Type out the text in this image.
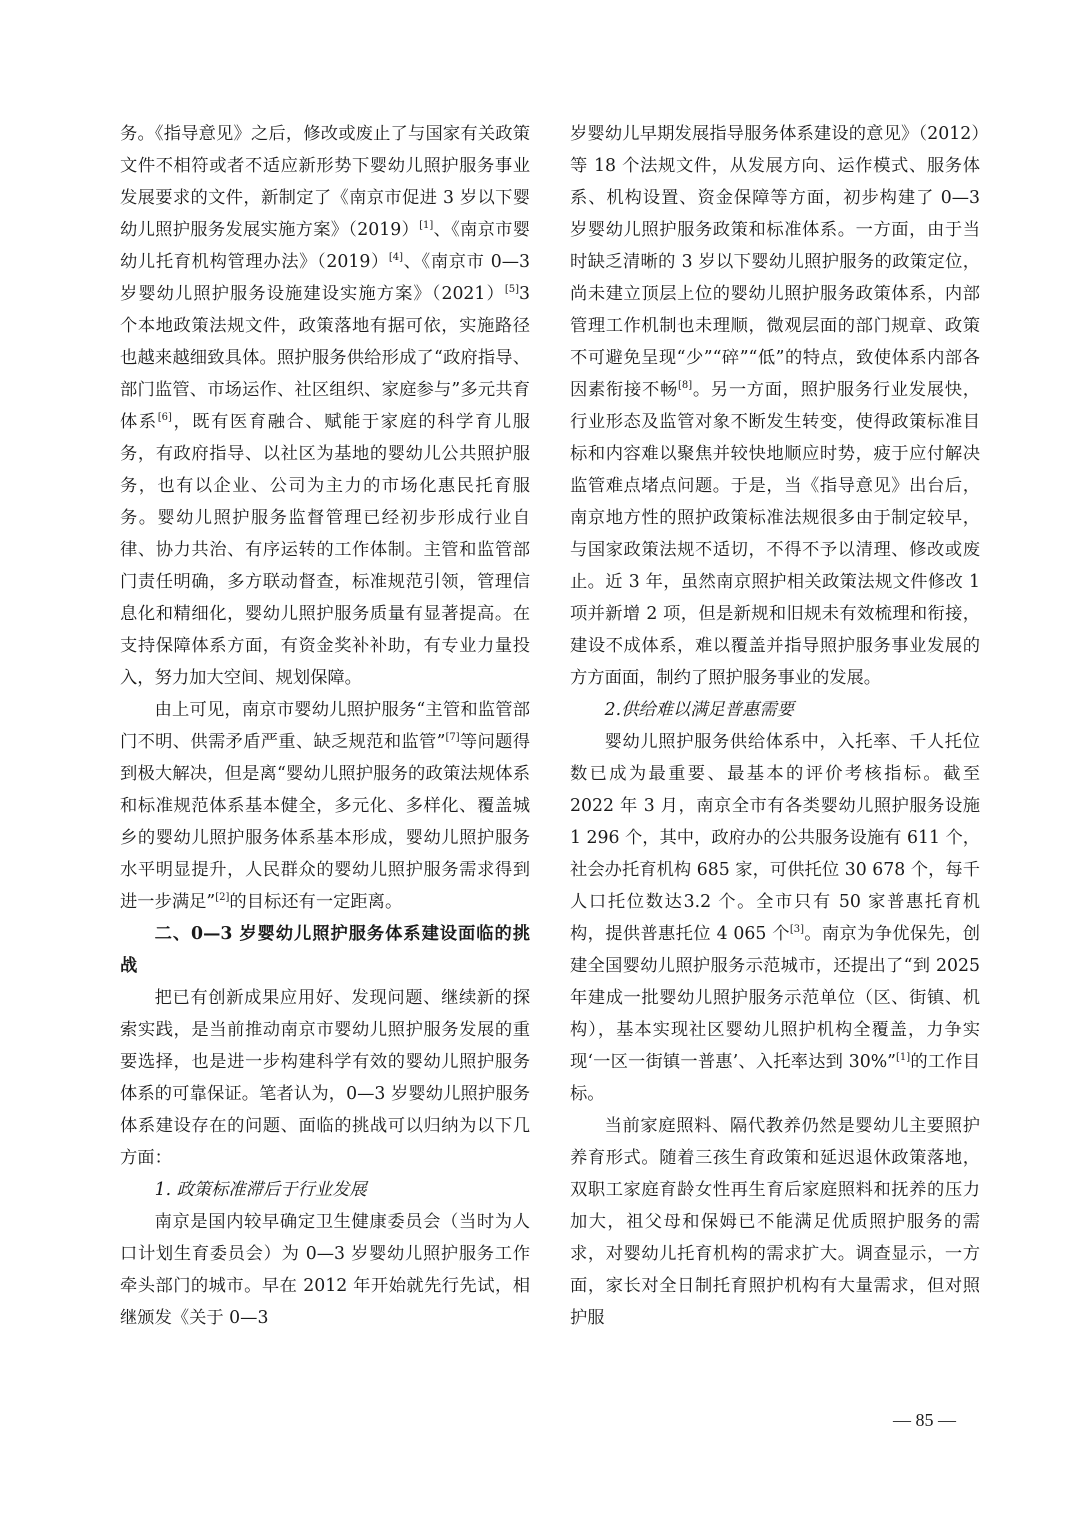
务。《指导意见》之后，修改或废止了与国家有关政策文件不相符或者不适应新形势下婴幼儿照护服务事业发展要求的文件，新制定了《南京市促进 3 岁以下婴幼儿照护服务发展实施方案》（2019）[1]、《南京市婴幼儿托育机构管理办法》（2019）[4]、《南京市 0—3 岁婴幼儿照护服务设施建设实施方案》（2021）[5]3 个本地政策法规文件，政策落地有据可依，实施路径也越来越细致具体。照护服务供给形成了“政府指导、部门监管、市场运作、社区组织、家庭参与”多元共育体系[6]，既有医育融合、赋能于家庭的科学育儿服务，有政府指导、以社区为基地的婴幼儿公共照护服务，也有以企业、公司为主力的市场化惠民托育服务。婴幼儿照护服务监督管理已经初步形成行业自律、协力共治、有序运转的工作体制。主管和监管部门责任明确，多方联动督查，标准规范引领，管理信息化和精细化，婴幼儿照护服务质量有显著提高。在支持保障体系方面，有资金奖补补助，有专业力量投入，努力加大空间、规划保障。

由上可见，南京市婴幼儿照护服务“主管和监管部门不明、供需矛盾严重、缺乏规范和监管”[7]等问题得到极大解决，但是离“婴幼儿照护服务的政策法规体系和标准规范体系基本健全，多元化、多样化、覆盖城乡的婴幼儿照护服务体系基本形成，婴幼儿照护服务水平明显提升，人民群众的婴幼儿照护服务需求得到进一步满足”[2]的目标还有一定距离。

二、0—3 岁婴幼儿照护服务体系建设面临的挑战

把已有创新成果应用好、发现问题、继续新的探索实践，是当前推动南京市婴幼儿照护服务发展的重要选择，也是进一步构建科学有效的婴幼儿照护服务体系的可靠保证。笔者认为，0—3 岁婴幼儿照护服务体系建设存在的问题、面临的挑战可以归纳为以下几方面：

1. 政策标准滞后于行业发展

南京是国内较早确定卫生健康委员会（当时为人口计划生育委员会）为 0—3 岁婴幼儿照护服务工作牵头部门的城市。早在 2012 年开始就先行先试，相继颁发《关于 0—3

岁婴幼儿早期发展指导服务体系建设的意见》（2012）等 18 个法规文件，从发展方向、运作模式、服务体系、机构设置、资金保障等方面，初步构建了 0—3 岁婴幼儿照护服务政策和标准体系。一方面，由于当时缺乏清晰的 3 岁以下婴幼儿照护服务的政策定位，尚未建立顶层上位的婴幼儿照护服务政策体系，内部管理工作机制也未理顺，微观层面的部门规章、政策不可避免呈现“少”“碎”“低”的特点，致使体系内部各因素衔接不畅[8]。另一方面，照护服务行业发展快，行业形态及监管对象不断发生转变，使得政策标准目标和内容难以聚焦并较快地顺应时势，疲于应付解决监管难点堵点问题。于是，当《指导意见》出台后，南京地方性的照护政策标准法规很多由于制定较早，与国家政策法规不适切，不得不予以清理、修改或废止。近 3 年，虽然南京照护相关政策法规文件修改 1 项并新增 2 项，但是新规和旧规未有效梳理和衔接，建设不成体系，难以覆盖并指导照护服务事业发展的方方面面，制约了照护服务事业的发展。

2.供给难以满足普惠需要

婴幼儿照护服务供给体系中，入托率、千人托位数已成为最重要、最基本的评价考核指标。截至 2022 年 3 月，南京全市有各类婴幼儿照护服务设施 1 296 个，其中，政府办的公共服务设施有 611 个，社会办托育机构 685 家，可供托位 30 678 个，每千人口托位数达3.2 个。全市只有 50 家普惠托育机构，提供普惠托位 4 065 个[3]。南京为争优保先，创建全国婴幼儿照护服务示范城市，还提出了“到 2025 年建成一批婴幼儿照护服务示范单位（区、街镇、机构），基本实现社区婴幼儿照护机构全覆盖，力争实现‘一区一街镇一普惠’、入托率达到 30%”[1]的工作目标。

当前家庭照料、隔代教养仍然是婴幼儿主要照护养育形式。随着三孩生育政策和延迟退休政策落地，双职工家庭育龄女性再生育后家庭照料和抚养的压力加大，祖父母和保姆已不能满足优质照护服务的需求，对婴幼儿托育机构的需求扩大。调查显示，一方面，家长对全日制托育照护机构有大量需求，但对照护服

— 85 —
